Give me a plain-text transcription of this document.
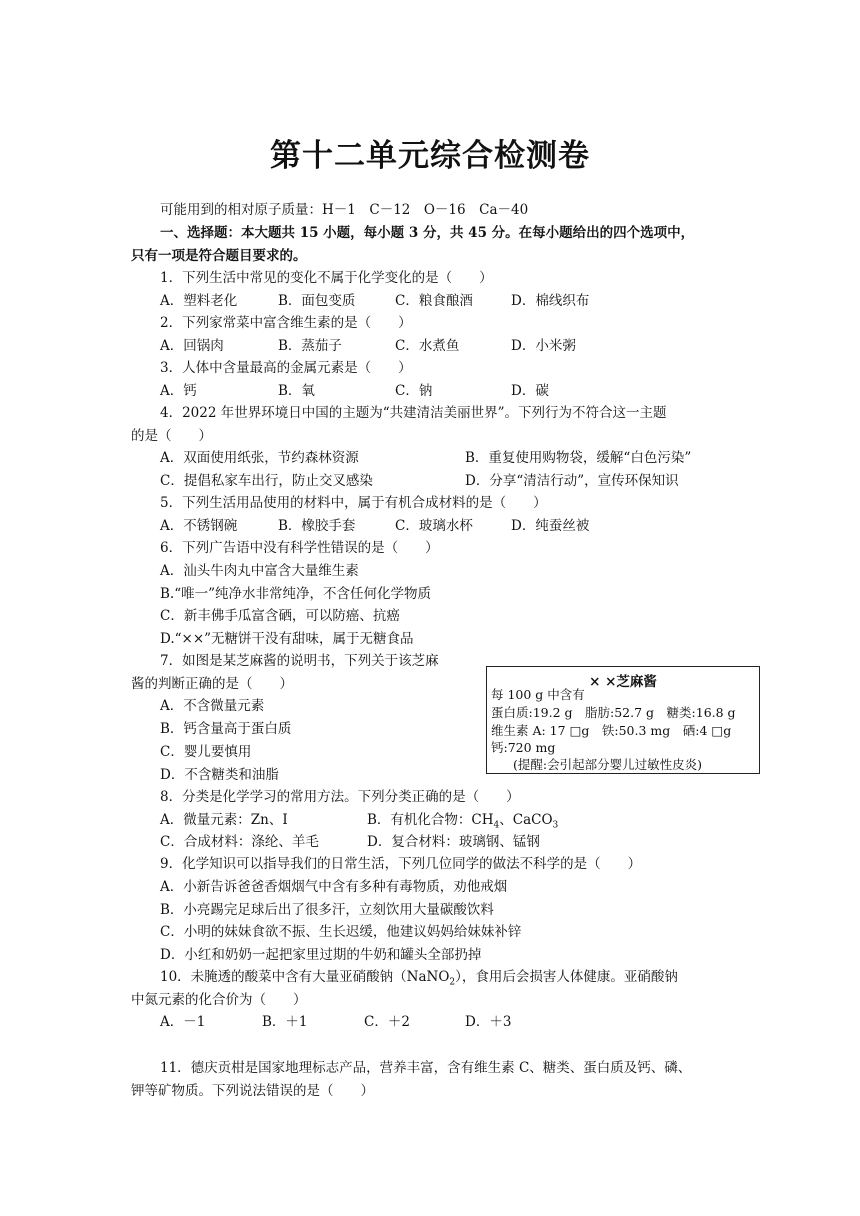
第十二单元综合检测卷
可能用到的相对原子质量：H－1　C－12　O－16　Ca－40
一、选择题：本大题共 15 小题，每小题 3 分，共 45 分。在每小题给出的四个选项中，
只有一项是符合题目要求的。
1．下列生活中常见的变化不属于化学变化的是（　　）
A．塑料老化	B．面包变质	C．粮食酿酒	D．棉线织布
2．下列家常菜中富含维生素的是（　　）
A．回锅肉	B．蒸茄子	C．水煮鱼	D．小米粥
3．人体中含量最高的金属元素是（　　）
A．钙	B．氧	C．钠	D．碳
4．2022 年世界环境日中国的主题为“共建清洁美丽世界”。下列行为不符合这一主题
的是（　　）
A．双面使用纸张，节约森林资源	B．重复使用购物袋，缓解“白色污染”
C．提倡私家车出行，防止交叉感染	D．分享“清洁行动”，宣传环保知识
5．下列生活用品使用的材料中，属于有机合成材料的是（　　）
A．不锈钢碗	B．橡胶手套	C．玻璃水杯	D．纯蚕丝被
6．下列广告语中没有科学性错误的是（　　）
A．汕头牛肉丸中富含大量维生素
B.“唯一”纯净水非常纯净，不含任何化学物质
C．新丰佛手瓜富含硒，可以防癌、抗癌
D.“××”无糖饼干没有甜味，属于无糖食品
7．如图是某芝麻酱的说明书，下列关于该芝麻
酱的判断正确的是（　　）
A．不含微量元素
B．钙含量高于蛋白质
C．婴儿要慎用
D．不含糖类和油脂
× ×芝麻酱
每 100 g 中含有
蛋白质:19.2 g　脂肪:52.7 g　糖类:16.8 g
维生素 A: 17 □g　铁:50.3 mg　硒:4 □g
钙:720 mg
(提醒:会引起部分婴儿过敏性皮炎)
8．分类是化学学习的常用方法。下列分类正确的是（　　）
A．微量元素：Zn、I	B．有机化合物：$CH_4$、CaCO$_3$
C．合成材料：涤纶、羊毛	D．复合材料：玻璃钢、锰钢
9．化学知识可以指导我们的日常生活，下列几位同学的做法不科学的是（　　）
A．小新告诉爸爸香烟烟气中含有多种有毒物质，劝他戒烟
B．小亮踢完足球后出了很多汗，立刻饮用大量碳酸饮料
C．小明的妹妹食欲不振、生长迟缓，他建议妈妈给妹妹补锌
D．小红和奶奶一起把家里过期的牛奶和罐头全部扔掉
10．未腌透的酸菜中含有大量亚硝酸钠（NaNO$_2$），食用后会损害人体健康。亚硝酸钠
中氮元素的化合价为（　　）
A．－1	B．＋1	C．＋2	D．＋3
11．德庆贡柑是国家地理标志产品，营养丰富，含有维生素 C、糖类、蛋白质及钙、磷、
钾等矿物质。下列说法错误的是（　　）
